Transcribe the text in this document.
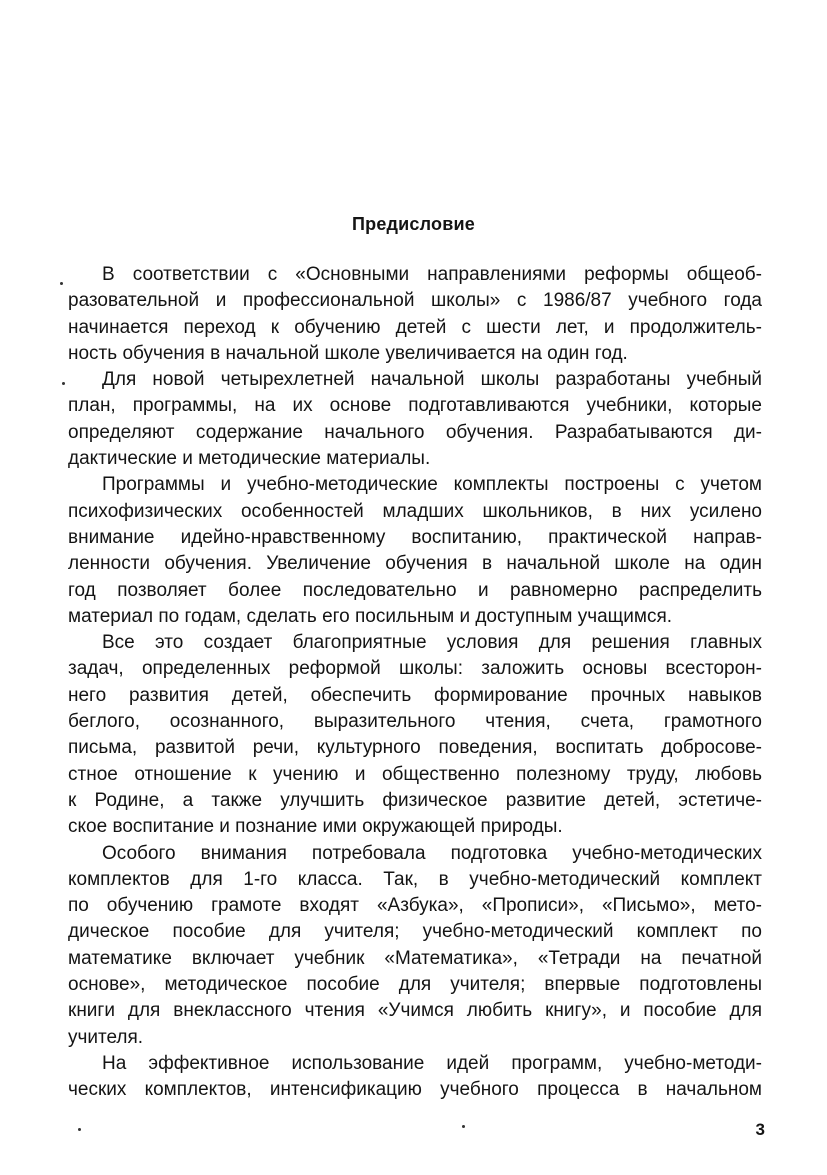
Предисловие
В соответствии с «Основными направлениями реформы общеоб-
разовательной и профессиональной школы» с 1986/87 учебного года
начинается переход к обучению детей с шести лет, и продолжитель-
ность обучения в начальной школе увеличивается на один год.
Для новой четырехлетней начальной школы разработаны учебный
план, программы, на их основе подготавливаются учебники, которые
определяют содержание начального обучения. Разрабатываются ди-
дактические и методические материалы.
Программы и учебно-методические комплекты построены с учетом
психофизических особенностей младших школьников, в них усилено
внимание идейно-нравственному воспитанию, практической направ-
ленности обучения. Увеличение обучения в начальной школе на один
год позволяет более последовательно и равномерно распределить
материал по годам, сделать его посильным и доступным учащимся.
Все это создает благоприятные условия для решения главных
задач, определенных реформой школы: заложить основы всесторон-
него развития детей, обеспечить формирование прочных навыков
беглого, осознанного, выразительного чтения, счета, грамотного
письма, развитой речи, культурного поведения, воспитать добросове-
стное отношение к учению и общественно полезному труду, любовь
к Родине, а также улучшить физическое развитие детей, эстетиче-
ское воспитание и познание ими окружающей природы.
Особого внимания потребовала подготовка учебно-методических
комплектов для 1-го класса. Так, в учебно-методический комплект
по обучению грамоте входят «Азбука», «Прописи», «Письмо», мето-
дическое пособие для учителя; учебно-методический комплект по
математике включает учебник «Математика», «Тетради на печатной
основе», методическое пособие для учителя; впервые подготовлены
книги для внеклассного чтения «Учимся любить книгу», и пособие для
учителя.
На эффективное использование идей программ, учебно-методи-
ческих комплектов, интенсификацию учебного процесса в начальном
3
